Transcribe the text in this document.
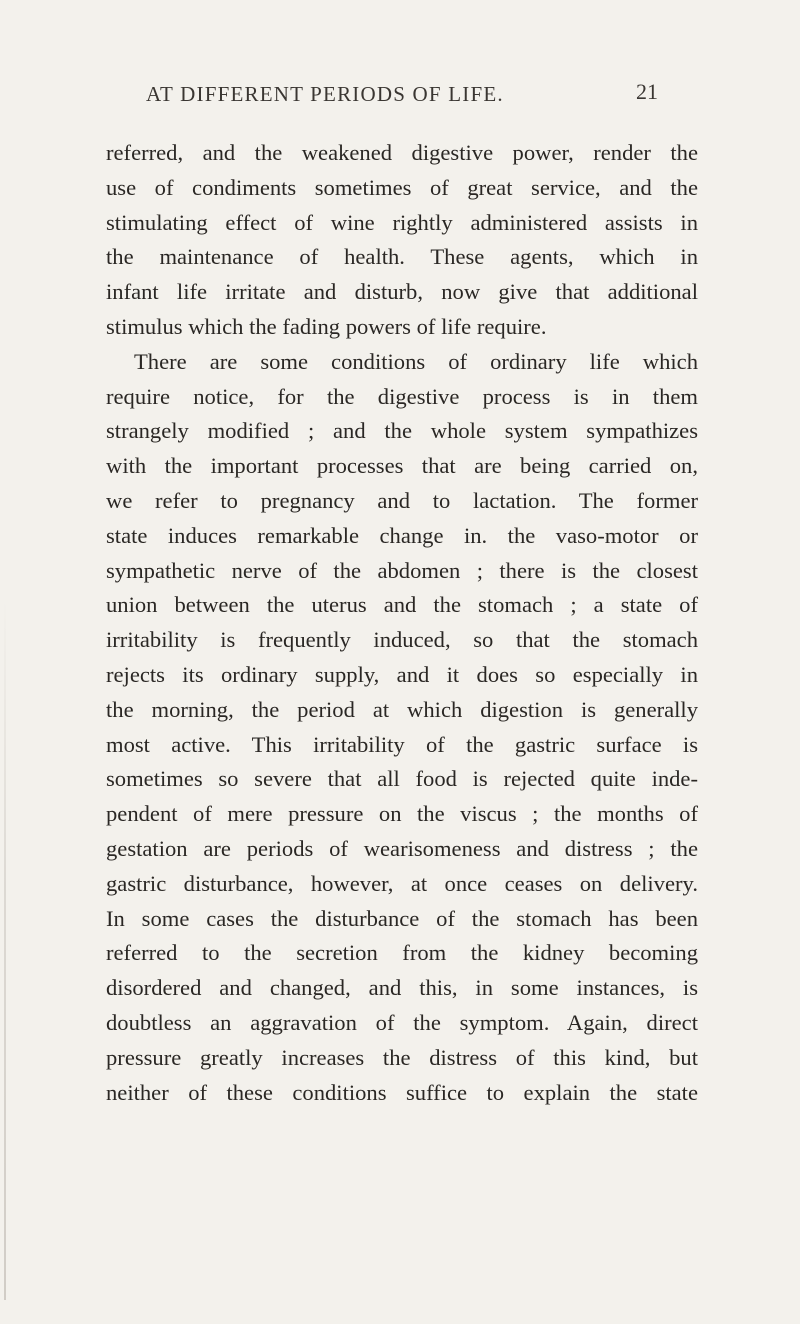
AT DIFFERENT PERIODS OF LIFE.	21
referred, and the weakened digestive power, render the
use of condiments sometimes of great service, and the
stimulating effect of wine rightly administered assists in
the maintenance of health. These agents, which in
infant life irritate and disturb, now give that additional
stimulus which the fading powers of life require.
There are some conditions of ordinary life which
require notice, for the digestive process is in them
strangely modified ; and the whole system sympathizes
with the important processes that are being carried on,
we refer to pregnancy and to lactation. The former
state induces remarkable change in. the vaso-motor or
sympathetic nerve of the abdomen ; there is the closest
union between the uterus and the stomach ; a state of
irritability is frequently induced, so that the stomach
rejects its ordinary supply, and it does so especially in
the morning, the period at which digestion is generally
most active. This irritability of the gastric surface is
sometimes so severe that all food is rejected quite inde-
pendent of mere pressure on the viscus ; the months of
gestation are periods of wearisomeness and distress ; the
gastric disturbance, however, at once ceases on delivery.
In some cases the disturbance of the stomach has been
referred to the secretion from the kidney becoming
disordered and changed, and this, in some instances, is
doubtless an aggravation of the symptom. Again, direct
pressure greatly increases the distress of this kind, but
neither of these conditions suffice to explain the state
